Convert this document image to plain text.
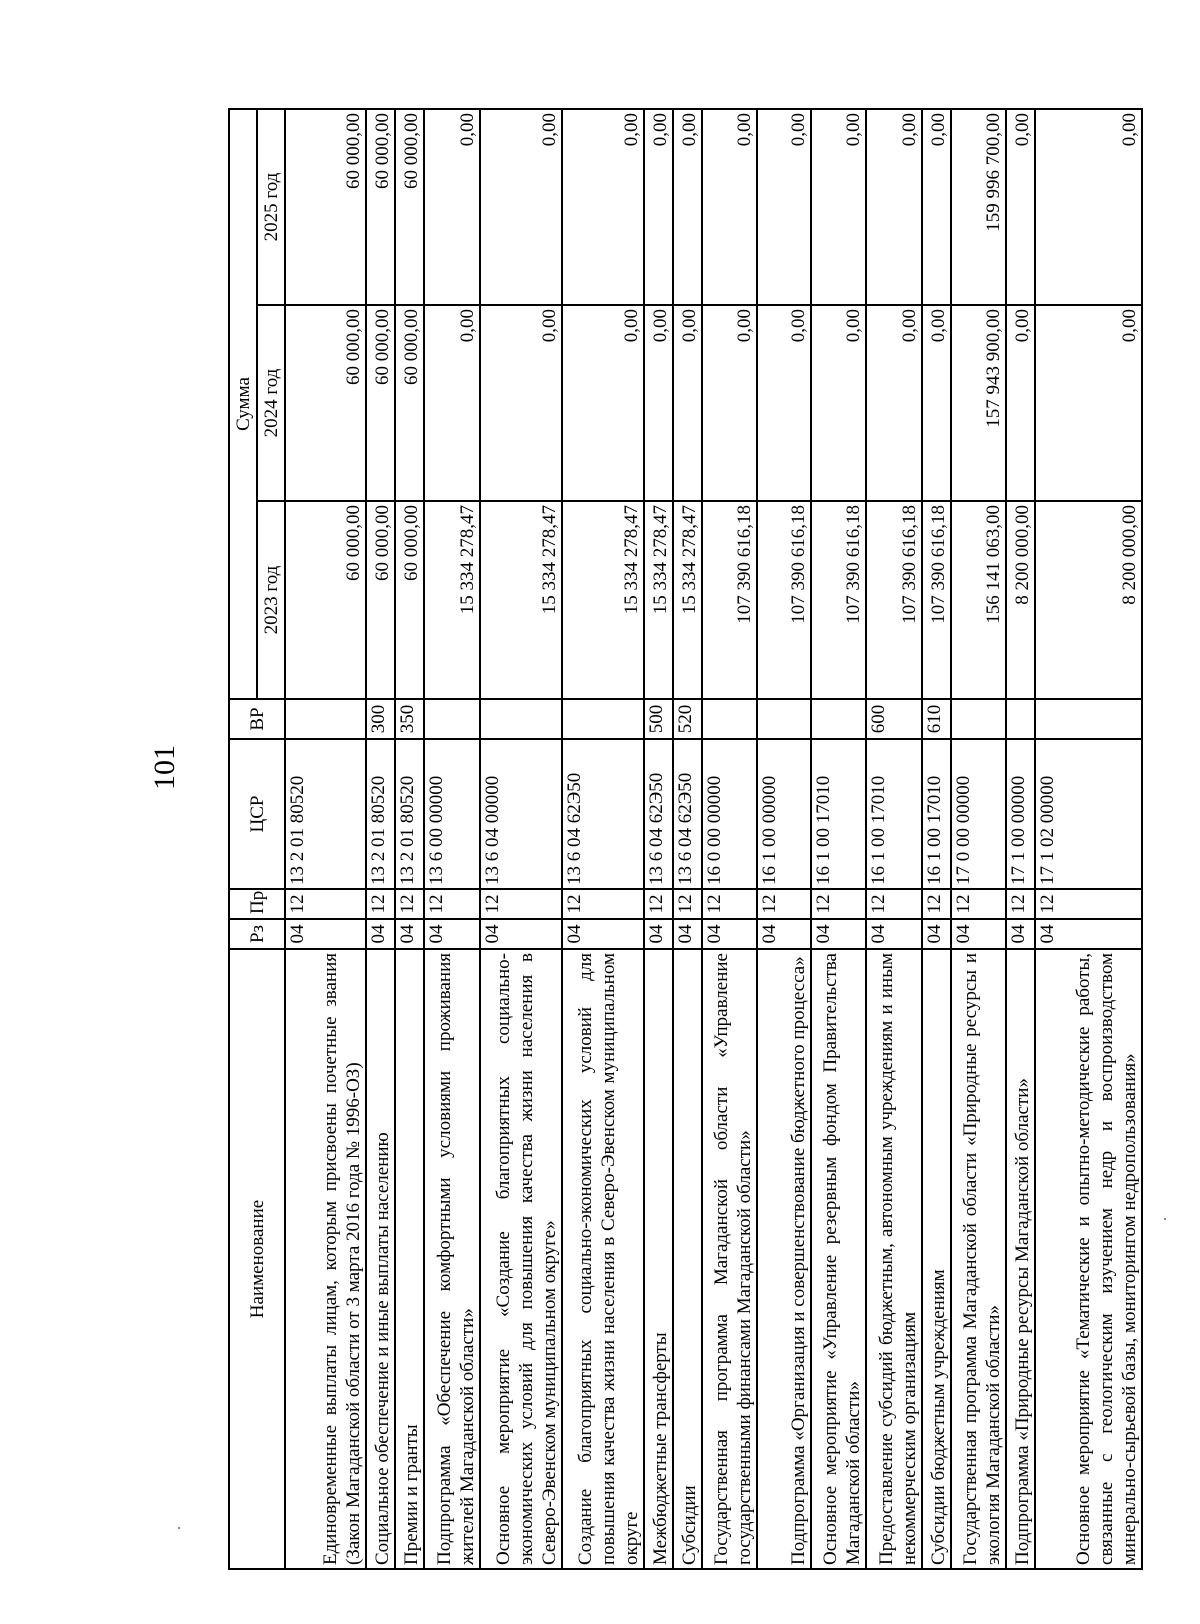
101
Наименование	Рз	Пр	ЦСР	ВР	Сумма		
					2023 год	2024 год	2025 год
Единовременные выплаты лицам, которым присвоены почетные звания (Закон Магаданской области от 3 марта 2016 года № 1996-ОЗ)	04	12	13 2 01 80520		60 000,00	60 000,00	60 000,00
Социальное обеспечение и иные выплаты населению	04	12	13 2 01 80520	300	60 000,00	60 000,00	60 000,00
Премии и гранты	04	12	13 2 01 80520	350	60 000,00	60 000,00	60 000,00
Подпрограмма «Обеспечение комфортными условиями проживания жителей Магаданской области»	04	12	13 6 00 00000		15 334 278,47	0,00	0,00
Основное мероприятие «Создание благоприятных социально-экономических условий для повышения качества жизни населения в Северо-Эвенском муниципальном округе»	04	12	13 6 04 00000		15 334 278,47	0,00	0,00
Создание благоприятных социально-экономических условий для повышения качества жизни населения в Северо-Эвенском муниципальном округе	04	12	13 6 04 62Э50		15 334 278,47	0,00	0,00
Межбюджетные трансферты	04	12	13 6 04 62Э50	500	15 334 278,47	0,00	0,00
Субсидии	04	12	13 6 04 62Э50	520	15 334 278,47	0,00	0,00
Государственная программа Магаданской области «Управление государственными финансами Магаданской области»	04	12	16 0 00 00000		107 390 616,18	0,00	0,00
Подпрограмма «Организация и совершенствование бюджетного процесса»	04	12	16 1 00 00000		107 390 616,18	0,00	0,00
Основное мероприятие «Управление резервным фондом Правительства Магаданской области»	04	12	16 1 00 17010		107 390 616,18	0,00	0,00
Предоставление субсидий бюджетным, автономным учреждениям и иным некоммерческим организациям	04	12	16 1 00 17010	600	107 390 616,18	0,00	0,00
Субсидии бюджетным учреждениям	04	12	16 1 00 17010	610	107 390 616,18	0,00	0,00
Государственная программа Магаданской области «Природные ресурсы и экология Магаданской области»	04	12	17 0 00 00000		156 141 063,00	157 943 900,00	159 996 700,00
Подпрограмма «Природные ресурсы Магаданской области»	04	12	17 1 00 00000		8 200 000,00	0,00	0,00
Основное мероприятие «Тематические и опытно-методические работы, связанные с геологическим изучением недр и воспроизводством минерально-сырьевой базы, мониторингом недропользования»	04	12	17 1 02 00000		8 200 000,00	0,00	0,00
